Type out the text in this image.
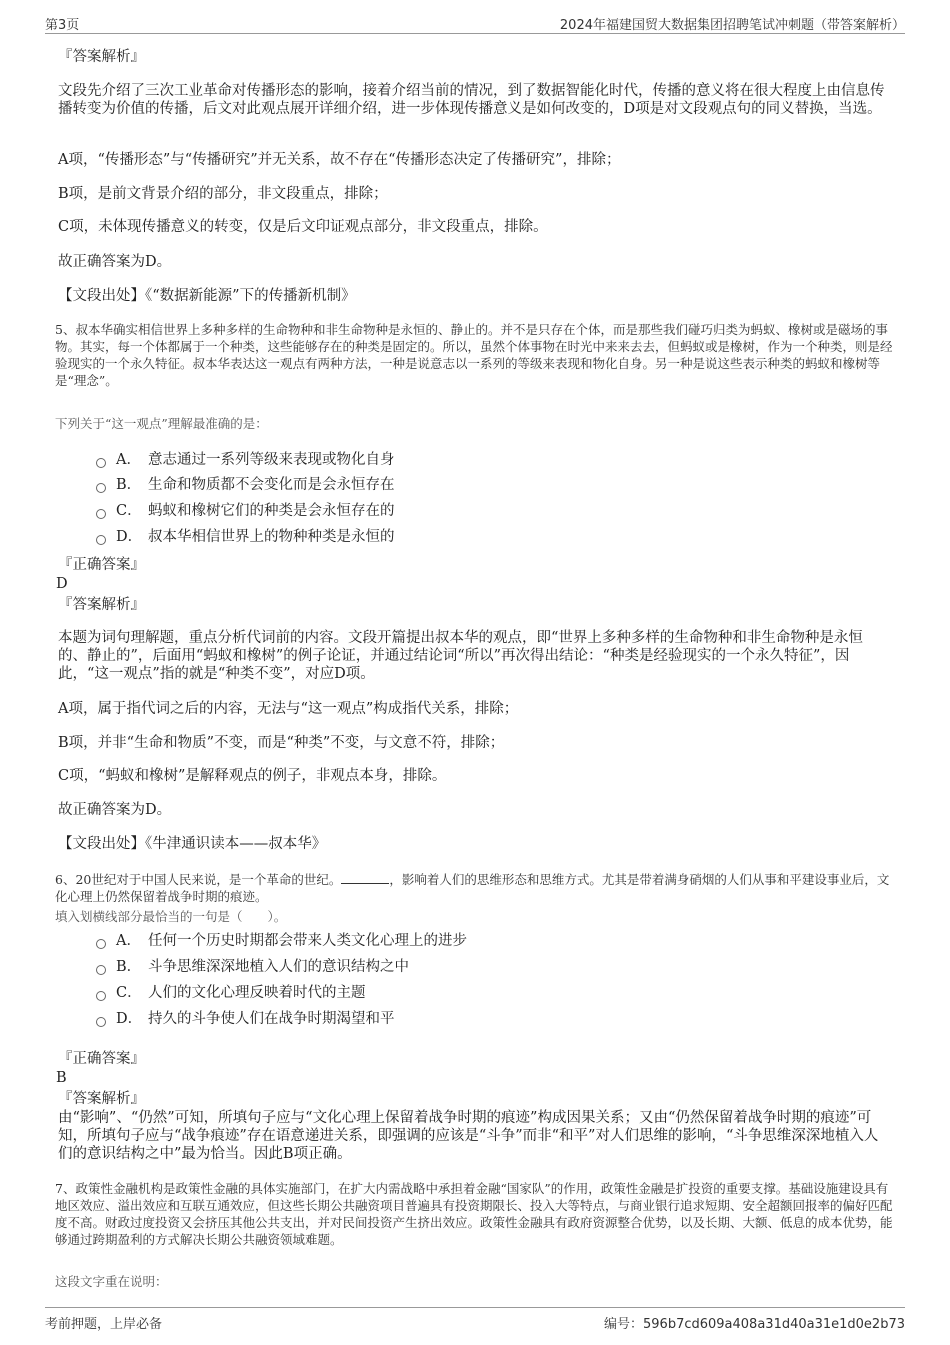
第3页	2024年福建国贸大数据集团招聘笔试冲刺题（带答案解析）
『答案解析』
文段先介绍了三次工业革命对传播形态的影响，接着介绍当前的情况，到了数据智能化时代，传播的意义将在很大程度上由信息传播转变为价值的传播，后文对此观点展开详细介绍，进一步体现传播意义是如何改变的，D项是对文段观点句的同义替换，当选。
A项，“传播形态”与“传播研究”并无关系，故不存在“传播形态决定了传播研究”，排除；
B项，是前文背景介绍的部分，非文段重点，排除；
C项，未体现传播意义的转变，仅是后文印证观点部分，非文段重点，排除。
故正确答案为D。
【文段出处】《“数据新能源”下的传播新机制》
5、叔本华确实相信世界上多种多样的生命物种和非生命物种是永恒的、静止的。并不是只存在个体，而是那些我们碰巧归类为蚂蚁、橡树或是磁场的事物。其实，每一个体都属于一个种类，这些能够存在的种类是固定的。所以，虽然个体事物在时光中来来去去，但蚂蚁或是橡树，作为一个种类，则是经验现实的一个永久特征。叔本华表达这一观点有两种方法，一种是说意志以一系列的等级来表现和物化自身。另一种是说这些表示种类的蚂蚁和橡树等是“理念”。
下列关于“这一观点”理解最准确的是：
A． 意志通过一系列等级来表现或物化自身
B． 生命和物质都不会变化而是会永恒存在
C． 蚂蚁和橡树它们的种类是会永恒存在的
D． 叔本华相信世界上的物种种类是永恒的
『正确答案』
D
『答案解析』
本题为词句理解题，重点分析代词前的内容。文段开篇提出叔本华的观点，即“世界上多种多样的生命物种和非生命物种是永恒的、静止的”，后面用“蚂蚁和橡树”的例子论证，并通过结论词“所以”再次得出结论：“种类是经验现实的一个永久特征”，因此，“这一观点”指的就是“种类不变”，对应D项。
A项，属于指代词之后的内容，无法与“这一观点”构成指代关系，排除；
B项，并非“生命和物质”不变，而是“种类”不变，与文意不符，排除；
C项，“蚂蚁和橡树”是解释观点的例子，非观点本身，排除。
故正确答案为D。
【文段出处】《牛津通识读本——叔本华》
6、20世纪对于中国人民来说，是一个革命的世纪。	，影响着人们的思维形态和思维方式。尤其是带着满身硝烟的人们从事和平建设事业后，文化心理上仍然保留着战争时期的痕迹。
填入划横线部分最恰当的一句是（　　）。
A． 任何一个历史时期都会带来人类文化心理上的进步
B． 斗争思维深深地植入人们的意识结构之中
C． 人们的文化心理反映着时代的主题
D． 持久的斗争使人们在战争时期渴望和平
『正确答案』
B
『答案解析』
由“影响”、“仍然”可知，所填句子应与“文化心理上保留着战争时期的痕迹”构成因果关系；又由“仍然保留着战争时期的痕迹”可知，所填句子应与“战争痕迹”存在语意递进关系，即强调的应该是“斗争”而非“和平”对人们思维的影响，“斗争思维深深地植入人们的意识结构之中”最为恰当。因此B项正确。
7、政策性金融机构是政策性金融的具体实施部门，在扩大内需战略中承担着金融“国家队”的作用，政策性金融是扩投资的重要支撑。基础设施建设具有地区效应、溢出效应和互联互通效应，但这些长期公共融资项目普遍具有投资期限长、投入大等特点，与商业银行追求短期、安全超额回报率的偏好匹配度不高。财政过度投资又会挤压其他公共支出，并对民间投资产生挤出效应。政策性金融具有政府资源整合优势，以及长期、大额、低息的成本优势，能够通过跨期盈利的方式解决长期公共融资领域难题。
这段文字重在说明：
考前押题，上岸必备	编号：596b7cd609a408a31d40a31e1d0e2b73
